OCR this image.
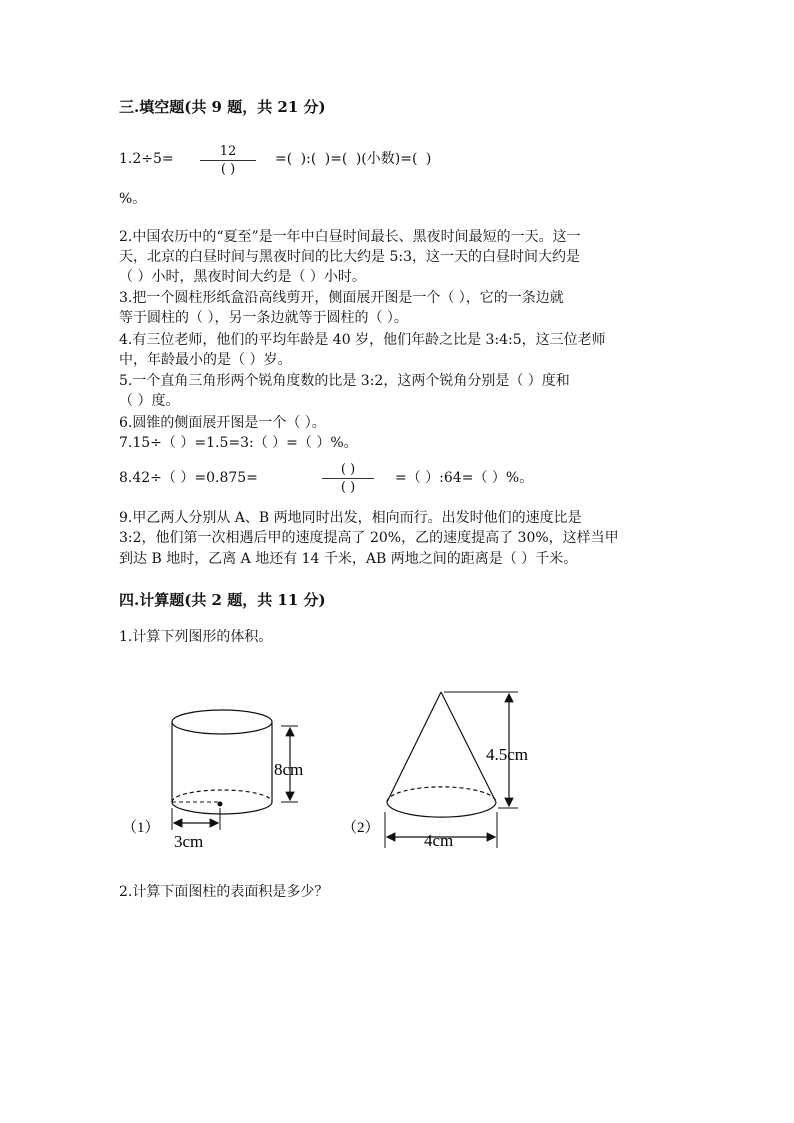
三.填空题(共 9 题，共 21 分)
1.2÷5=	12
( )
=( ):( )=( )(小数)=( )
%。
2.中国农历中的“夏至”是一年中白昼时间最长、黑夜时间最短的一天。这一
天，北京的白昼时间与黑夜时间的比大约是 5:3，这一天的白昼时间大约是
（ ）小时，黑夜时间大约是（ ）小时。
3.把一个圆柱形纸盒沿高线剪开，侧面展开图是一个（ ），它的一条边就
等于圆柱的（ ），另一条边就等于圆柱的（ ）。
4.有三位老师，他们的平均年龄是 40 岁，他们年龄之比是 3:4:5，这三位老师
中，年龄最小的是（ ）岁。
5.一个直角三角形两个锐角度数的比是 3:2，这两个锐角分别是（ ）度和
（ ）度。
6.圆锥的侧面展开图是一个（ ）。
7.15÷（ ）=1.5=3:（ ）=（ ）%。
8.42÷（ ）=0.875=
( )
( )
=（ ）:64=（ ）%。
9.甲乙两人分别从 A、B 两地同时出发，相向而行。出发时他们的速度比是
3:2，他们第一次相遇后甲的速度提高了 20%，乙的速度提高了 30%，这样当甲
到达 B 地时，乙离 A 地还有 14 千米，AB 两地之间的距离是（ ）千米。
四.计算题(共 2 题，共 11 分)
1.计算下列图形的体积。
（1）
8cm
3cm
（2）
4.5cm
4cm
2.计算下面图柱的表面积是多少？
